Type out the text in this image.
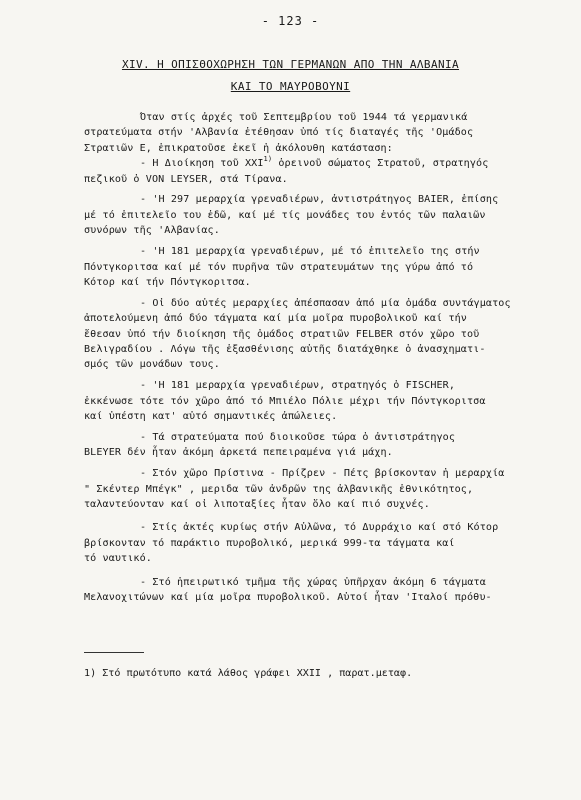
- 123 -
XIV. Η ΟΠΙΣΘΟΧΩΡΗΣΗ ΤΩΝ ΓΕΡΜΑΝΩΝ ΑΠΟ ΤΗΝ ΑΛΒΑΝΙΑ
ΚΑΙ ΤΟ ΜΑΥΡΟΒΟΥΝΙ
Όταν στίς ἀρχές τοῦ Σεπτεμβρίου τοῦ 1944 τά γερμανικά
στρατεύματα στήν 'Αλβανία ἐτέθησαν ὑπό τίς διαταγές τῆς 'Ομάδος
Στρατιῶν Ε, ἐπικρατοῦσε ἐκεῖ ἡ ἀκόλουθη κατάσταση:
- Η Διοίκηση τοῦ XXI$^{1)}$ ὀρεινοῦ σώματος Στρατοῦ, στρατηγός
πεζικοῦ ὁ VON LEYSER, στά Τίρανα.
- 'Η 297 μεραρχία γρεναδιέρων, ἀντιστράτηγος BAIER, ἐπίσης
μέ τό ἐπιτελεῖο του ἐδῶ, καί μέ τίς μονάδες του ἐντός τῶν παλαιῶν
συνόρων τῆς 'Αλβανίας.
- 'Η 181 μεραρχία γρεναδιέρων, μέ τό ἐπιτελεῖο της στήν
Πόντγκοριτσα καί μέ τόν πυρῆνα τῶν στρατευμάτων της γύρω ἀπό τό
Κότορ καί τήν Πόντγκοριτσα.
- Οἱ δύο αὐτές μεραρχίες ἀπέσπασαν ἀπό μία ὁμάδα συντάγματος
ἀποτελούμενη ἀπό δύο τάγματα καί μία μοῖρα πυροβολικοῦ καί τήν
ἔθεσαν ὑπό τήν διοίκηση τῆς ὁμάδος στρατιῶν FELBER στόν χῶρο τοῦ
Βελιγραδίου . Λόγω τῆς ἐξασθένισης αὐτῆς διατάχθηκε ὁ ἀνασχηματι-
σμός τῶν μονάδων τους.
- 'Η 181 μεραρχία γρεναδιέρων, στρατηγός ὁ FISCHER,
ἐκκένωσε τότε τόν χῶρο ἀπό τό Μπιέλο Πόλιε μέχρι τήν Πόντγκοριτσα
καί ὑπέστη κατ' αὐτό σημαντικές ἀπώλειες.
- Τά στρατεύματα πού διοικοῦσε τώρα ὁ ἀντιστράτηγος
BLEYER δέν ἦταν ἀκόμη ἀρκετά πεπειραμένα γιά μάχη.
- Στόν χῶρο Πρίστινα - Πρίζρεν - Πέτς βρίσκονταν ἡ μεραρχία
" Σκέντερ Μπέγκ" , μεριδα τῶν ἀνδρῶν της ἀλβανικῆς ἐθνικότητος,
ταλαντεύονταν καί οἱ λιποταξίες ἦταν ὅλο καί πιό συχνές.
- Στίς ἀκτές κυρίως στήν Αὐλῶνα, τό Δυρράχιο καί στό Κότορ
βρίσκονταν τό παράκτιο πυροβολικό, μερικά 999-τα τάγματα καί
τό ναυτικό.
- Στό ἠπειρωτικό τμῆμα τῆς χώρας ὑπῆρχαν ἀκόμη 6 τάγματα
Μελανοχιτώνων καί μία μοῖρα πυροβολικοῦ. Αὐτοί ἦταν 'Ιταλοί πρόθυ-
1) Στό πρωτότυπο κατά λάθος γράφει XXII , παρατ.μεταφ.
